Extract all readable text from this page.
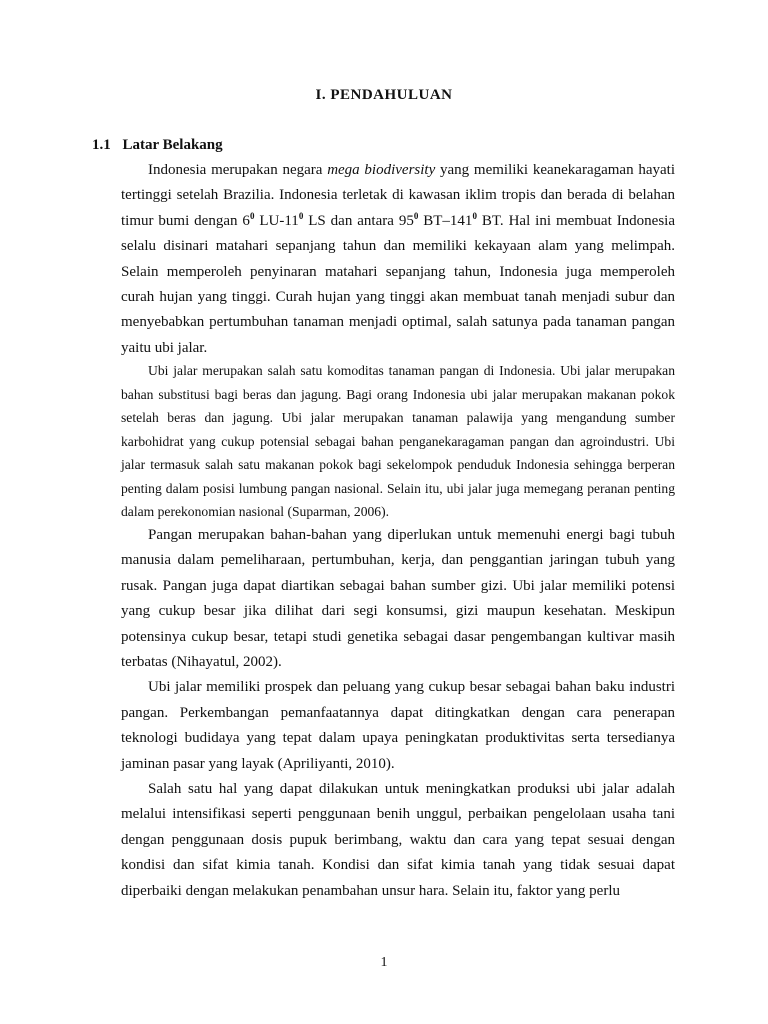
I. PENDAHULUAN
1.1 Latar Belakang

Indonesia merupakan negara mega biodiversity yang memiliki keanekaragaman hayati tertinggi setelah Brazilia. Indonesia terletak di kawasan iklim tropis dan berada di belahan timur bumi dengan $6^0$ $LU-11^0$ LS dan antara $95^0$ $BT-141^0$ BT. Hal ini membuat Indonesia selalu disinari matahari sepanjang tahun dan memiliki kekayaan alam yang melimpah. Selain memperoleh penyinaran matahari sepanjang tahun, Indonesia juga memperoleh curah hujan yang tinggi. Curah hujan yang tinggi akan membuat tanah menjadi subur dan menyebabkan pertumbuhan tanaman menjadi optimal, salah satunya pada tanaman pangan yaitu ubi jalar.

Ubi jalar merupakan salah satu komoditas tanaman pangan di Indonesia. Ubi jalar merupakan bahan substitusi bagi beras dan jagung. Bagi orang Indonesia ubi jalar merupakan makanan pokok setelah beras dan jagung. Ubi jalar merupakan tanaman palawija yang mengandung sumber karbohidrat yang cukup potensial sebagai bahan penganekaragaman pangan dan agroindustri. Ubi jalar termasuk salah satu makanan pokok bagi sekelompok penduduk Indonesia sehingga berperan penting dalam posisi lumbung pangan nasional. Selain itu, ubi jalar juga memegang peranan penting dalam perekonomian nasional (Suparman, 2006).

Pangan merupakan bahan-bahan yang diperlukan untuk memenuhi energi bagi tubuh manusia dalam pemeliharaan, pertumbuhan, kerja, dan penggantian jaringan tubuh yang rusak. Pangan juga dapat diartikan sebagai bahan sumber gizi. Ubi jalar memiliki potensi yang cukup besar jika dilihat dari segi konsumsi, gizi maupun kesehatan. Meskipun potensinya cukup besar, tetapi studi genetika sebagai dasar pengembangan kultivar masih terbatas (Nihayatul, 2002).

Ubi jalar memiliki prospek dan peluang yang cukup besar sebagai bahan baku industri pangan. Perkembangan pemanfaatannya dapat ditingkatkan dengan cara penerapan teknologi budidaya yang tepat dalam upaya peningkatan produktivitas serta tersedianya jaminan pasar yang layak (Apriliyanti, 2010).

Salah satu hal yang dapat dilakukan untuk meningkatkan produksi ubi jalar adalah melalui intensifikasi seperti penggunaan benih unggul, perbaikan pengelolaan usaha tani dengan penggunaan dosis pupuk berimbang, waktu dan cara yang tepat sesuai dengan kondisi dan sifat kimia tanah. Kondisi dan sifat kimia tanah yang tidak sesuai dapat diperbaiki dengan melakukan penambahan unsur hara. Selain itu, faktor yang perlu

1
